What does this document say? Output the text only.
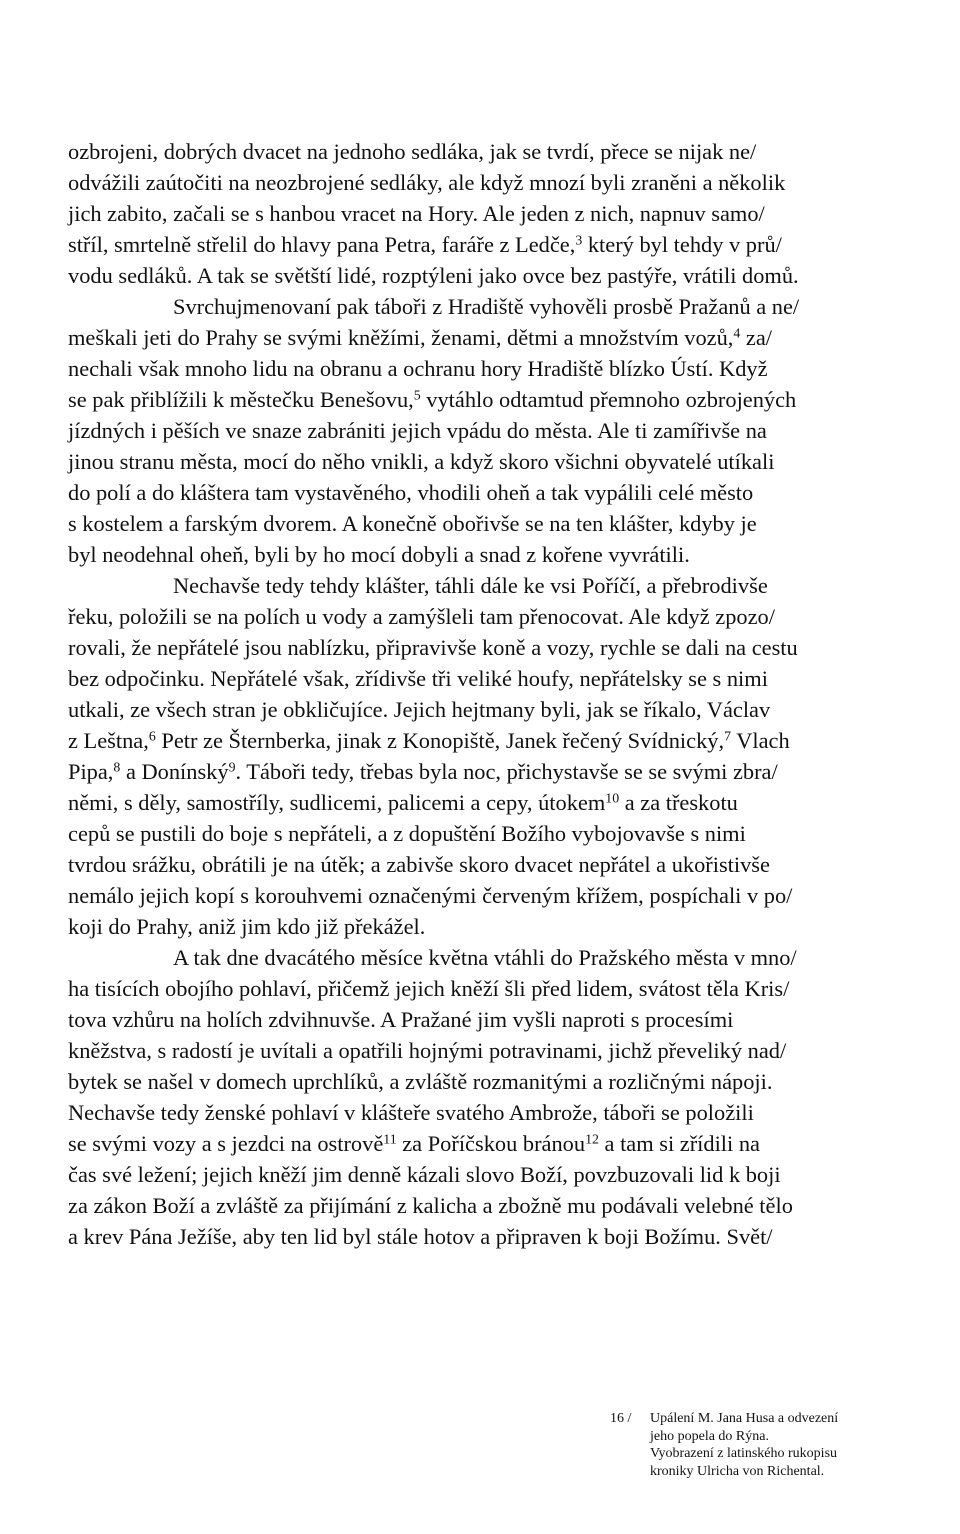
ozbrojeni, dobrých dvacet na jednoho sedláka, jak se tvrdí, přece se nijak ne/
odvážili zaútočiti na neozbrojené sedláky, ale když mnozí byli zraněni a několik
jich zabito, začali se s hanbou vracet na Hory. Ale jeden z nich, napnuv samo/
stříl, smrtelně střelil do hlavy pana Petra, faráře z Ledče,$^3$ který byl tehdy v prů/
vodu sedláků. A tak se světští lidé, rozptýleni jako ovce bez pastýře, vrátili domů.

Svrchujmenovaní pak táboři z Hradiště vyhověli prosbě Pražanů a ne/
meškali jeti do Prahy se svými kněžími, ženami, dětmi a množstvím vozů,$^4$ za/
nechali však mnoho lidu na obranu a ochranu hory Hradiště blízko Ústí. Když
se pak přiblížili k městečku Benešovu,$^5$ vytáhlo odtamtud přemnoho ozbrojených
jízdných i pěších ve snaze zabrániti jejich vpádu do města. Ale ti zamířivše na
jinou stranu města, mocí do něho vnikli, a když skoro všichni obyvatelé utíkali
do polí a do kláštera tam vystavěného, vhodili oheň a tak vypálili celé město
s kostelem a farským dvorem. A konečně obořivše se na ten klášter, kdyby je
byl neodehnal oheň, byli by ho mocí dobyli a snad z kořene vyvrátili.

Nechavše tedy tehdy klášter, táhli dále ke vsi Poříčí, a přebrodivše
řeku, položili se na polích u vody a zamýšleli tam přenocovat. Ale když zpozo/
rovali, že nepřátelé jsou nablízku, připravivše koně a vozy, rychle se dali na cestu
bez odpočinku. Nepřátelé však, zřídivše tři veliké houfy, nepřátelsky se s nimi
utkali, ze všech stran je obkličujíce. Jejich hejtmany byli, jak se říkalo, Václav
z Leštna,$^6$ Petr ze Šternberka, jinak z Konopiště, Janek řečený Svídnický,$^7$ Vlach
Pipa,$^8$ a Donínský$^9$. Táboři tedy, třebas byla noc, přichystavše se se svými zbra/
němi, s děly, samostříly, sudlicemi, palicemi a cepy, útokem$^{10}$ a za třeskotu
cepů se pustili do boje s nepřáteli, a z dopuštění Božího vybojovavše s nimi
tvrdou srážku, obrátili je na útěk; a zabivše skoro dvacet nepřátel a ukořistivše
nemálo jejich kopí s korouhvemi označenými červeným křížem, pospíchali v po/
koji do Prahy, aniž jim kdo již překážel.

A tak dne dvacátého měsíce května vtáhli do Pražského města v mno/
ha tisících obojího pohlaví, přičemž jejich kněží šli před lidem, svátost těla Kris/
tova vzhůru na holích zdvihnuvše. A Pražané jim vyšli naproti s procesími
kněžstva, s radostí je uvítali a opatřili hojnými potravinami, jichž převeliký nad/
bytek se našel v domech uprchlíků, a zvláště rozmanitými a rozličnými nápoji.
Nechavše tedy ženské pohlaví v klášteře svatého Ambrože, táboři se položili
se svými vozy a s jezdci na ostrově$^{11}$ za Poříčskou bránou$^{12}$ a tam si zřídili na
čas své ležení; jejich kněží jim denně kázali slovo Boží, povzbuzovali lid k boji
za zákon Boží a zvláště za přijímání z kalicha a zbožně mu podávali velebné tělo
a krev Pána Ježíše, aby ten lid byl stále hotov a připraven k boji Božímu. Svět/

16 /	Upálení M. Jana Husa a odvezení
jeho popela do Rýna.
Vyobrazení z latinského rukopisu
kroniky Ulricha von Richental.
